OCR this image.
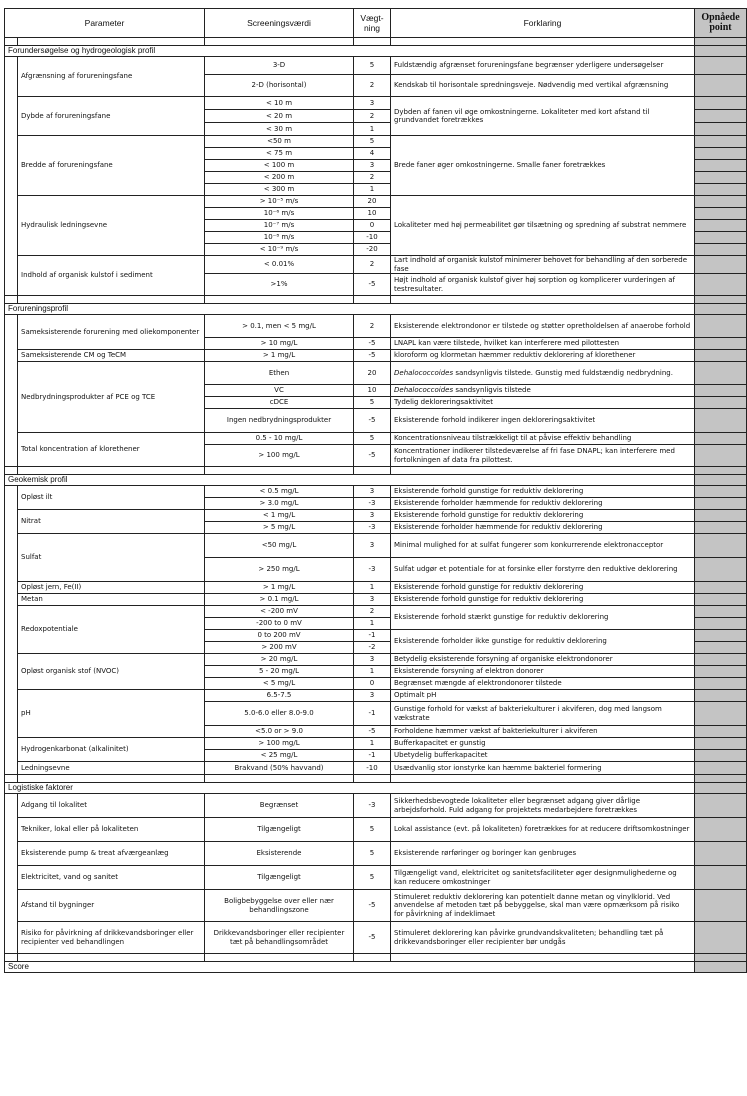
Parameter		Screeningsværdi	Vægt-ning	Forklaring	Opnåede point

Forundersøgelse og hydrogeologisk profil					
	Afgrænsning af forureningsfane	3-D	5	Fuldstændig afgrænset forureningsfane begrænser yderligere undersøgelser	
		2-D (horisontal)	2	Kendskab til horisontale spredningsveje. Nødvendig med vertikal afgrænsning	
	Dybde af forureningsfane	< 10 m	3	Dybden af fanen vil øge omkostningerne. Lokaliteter med kort afstand til grundvandet foretrækkes	
		< 20 m	2		
		< 30 m	1		
	Bredde af forureningsfane	<50 m	5	Brede faner øger omkostningerne. Smalle faner foretrækkes	
		< 75 m	4		
		< 100 m	3		
		< 200 m	2		
		< 300 m	1		
	Hydraulisk ledningsevne	> 10⁻⁵ m/s	20	Lokaliteter med høj permeabilitet gør tilsætning og spredning af substrat nemmere	
		10⁻⁶ m/s	10		
		10⁻⁷ m/s	0		
		10⁻⁸ m/s	-10		
		< 10⁻⁹ m/s	-20		
	Indhold af organisk kulstof i sediment	< 0.01%	2	Lart indhold af organisk kulstof minimerer behovet for behandling af den sorberede fase	
		>1%	-5	Højt indhold af organisk kulstof giver høj sorption og komplicerer vurderingen af testresultater.	

Forureningsprofil					
	Sameksisterende forurening med oliekomponenter	> 0.1, men < 5 mg/L	2	Eksisterende elektrondonor er tilstede og støtter opretholdelsen af anaerobe forhold	
		> 10 mg/L	-5	LNAPL kan være tilstede, hvilket kan interferere med pilottesten	
	Sameksisterende CM og TeCM	> 1 mg/L	-5	kloroform og klormetan hæmmer reduktiv deklorering af klorethener	
	Nedbrydningsprodukter af PCE og TCE	Ethen	20	Dehalococcoides sandsynligvis tilstede. Gunstig med fuldstændig nedbrydning.	
		VC	10	Dehalococcoides sandsynligvis tilstede	
		cDCE	5	Tydelig dekloreringsaktivitet	
		Ingen nedbrydningsprodukter	-5	Eksisterende forhold indikerer ingen dekloreringsaktivitet	
	Total koncentration af klorethener	0.5 - 10 mg/L	5	Koncentrationsniveau tilstrækkeligt til at påvise effektiv behandling	
		> 100 mg/L	-5	Koncentrationer indikerer tilstedeværelse af fri fase DNAPL; kan interferere med fortolkningen af data fra pilottest.	

Geokemisk profil					
	Opløst ilt	< 0.5 mg/L	3	Eksisterende forhold gunstige for reduktiv deklorering	
		> 3.0 mg/L	-3	Eksisterende forholder hæmmende for reduktiv deklorering	
	Nitrat	< 1 mg/L	3	Eksisterende forhold gunstige for reduktiv deklorering	
		> 5 mg/L	-3	Eksisterende forholder hæmmende for reduktiv deklorering	
	Sulfat	<50 mg/L	3	Minimal mulighed for at sulfat fungerer som konkurrerende elektronacceptor	
		> 250 mg/L	-3	Sulfat udgør et potentiale for at forsinke eller forstyrre den reduktive deklorering	
	Opløst jern, Fe(II)	> 1 mg/L	1	Eksisterende forhold gunstige for reduktiv deklorering	
	Metan	> 0.1 mg/L	3	Eksisterende forhold gunstige for reduktiv deklorering	
	Redoxpotentiale	< -200 mV	2	Eksisterende forhold stærkt gunstige for reduktiv deklorering	
		-200 to 0 mV	1		
		0 to 200 mV	-1	Eksisterende forholder ikke gunstige for reduktiv deklorering	
		> 200 mV	-2		
	Opløst organisk stof (NVOC)	> 20 mg/L	3	Betydelig eksisterende forsyning af organiske elektrondonorer	
		5 - 20 mg/L	1	Eksisterende forsyning af elektron donorer	
		< 5 mg/L	0	Begrænset mængde af elektrondonorer tilstede	
	pH	6.5-7.5	3	Optimalt pH	
		5.0-6.0 eller 8.0-9.0	-1	Gunstige forhold for vækst af bakteriekulturer i akviferen, dog med langsom vækstrate	
		<5.0 or > 9.0	-5	Forholdene hæmmer vækst af bakteriekulturer i akviferen	
	Hydrogenkarbonat (alkalinitet)	> 100 mg/L	1	Bufferkapacitet er gunstig	
		< 25 mg/L	-1	Ubetydelig bufferkapacitet	
	Ledningsevne	Brakvand (50% havvand)	-10	Usædvanlig stor ionstyrke kan hæmme bakteriel formering	

Logistiske faktorer					
	Adgang til lokalitet	Begrænset	-3	Sikkerhedsbevogtede lokaliteter eller begrænset adgang giver dårlige arbejdsforhold. Fuld adgang for projektets medarbejdere foretrækkes	
	Tekniker, lokal eller på lokaliteten	Tilgængeligt	5	Lokal assistance (evt. på lokaliteten) foretrækkes for at reducere driftsomkostninger	
	Eksisterende pump & treat afværgeanlæg	Eksisterende	5	Eksisterende rørføringer og boringer kan genbruges	
	Elektricitet, vand og sanitet	Tilgængeligt	5	Tilgængeligt vand, elektricitet og sanitetsfaciliteter øger designmulighederne og kan reducere omkostninger	
	Afstand til bygninger	Boligbebyggelse over eller nær behandlingszone	-5	Stimuleret reduktiv deklorering kan potentielt danne metan og vinylklorid. Ved anvendelse af metoden tæt på bebyggelse, skal man være opmærksom på risiko for påvirkning af indeklimaet	
	Risiko for påvirkning af drikkevandsboringer eller recipienter ved behandlingen	Drikkevandsboringer eller recipienter tæt på behandlingsområdet	-5	Stimuleret deklorering kan påvirke grundvandskvaliteten; behandling tæt på drikkevandsboringer eller recipienter bør undgås	

Score					
